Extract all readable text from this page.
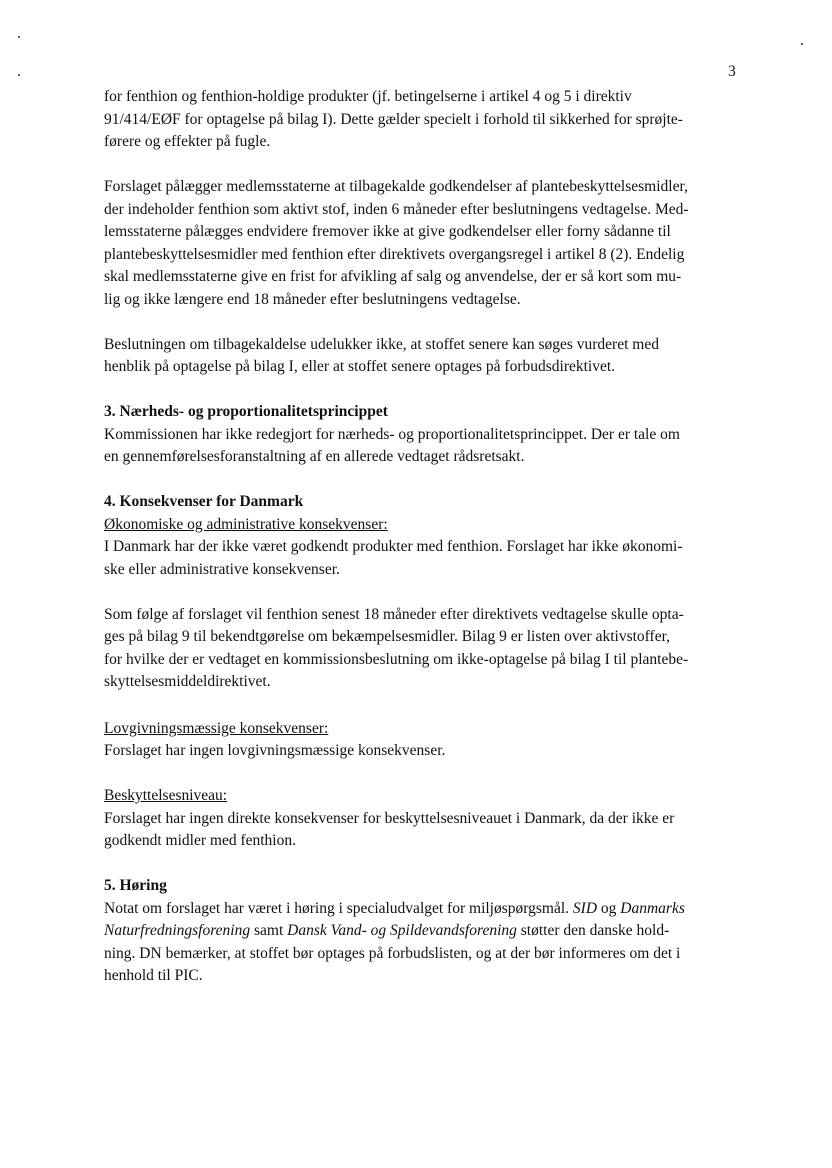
3

for fenthion og fenthion-holdige produkter (jf. betingelserne i artikel 4 og 5 i direktiv
91/414/EØF for optagelse på bilag I). Dette gælder specielt i forhold til sikkerhed for sprøjte-
førere og effekter på fugle.

Forslaget pålægger medlemsstaterne at tilbagekalde godkendelser af plantebeskyttelsesmidler,
der indeholder fenthion som aktivt stof, inden 6 måneder efter beslutningens vedtagelse. Med-
lemsstaterne pålægges endvidere fremover ikke at give godkendelser eller forny sådanne til
plantebeskyttelsesmidler med fenthion efter direktivets overgangsregel i artikel 8 (2). Endelig
skal medlemsstaterne give en frist for afvikling af salg og anvendelse, der er så kort som mu-
lig og ikke længere end 18 måneder efter beslutningens vedtagelse.

Beslutningen om tilbagekaldelse udelukker ikke, at stoffet senere kan søges vurderet med
henblik på optagelse på bilag I, eller at stoffet senere optages på forbudsdirektivet.

3. Nærheds- og proportionalitetsprincippet
Kommissionen har ikke redegjort for nærheds- og proportionalitetsprincippet. Der er tale om
en gennemførelsesforanstaltning af en allerede vedtaget rådsretsakt.

4. Konsekvenser for Danmark
Økonomiske og administrative konsekvenser:
I Danmark har der ikke været godkendt produkter med fenthion. Forslaget har ikke økonomi-
ske eller administrative konsekvenser.

Som følge af forslaget vil fenthion senest 18 måneder efter direktivets vedtagelse skulle opta-
ges på bilag 9 til bekendtgørelse om bekæmpelsesmidler. Bilag 9 er listen over aktivstoffer,
for hvilke der er vedtaget en kommissionsbeslutning om ikke-optagelse på bilag I til plantebe-
skyttelsesmiddeldirektivet.

Lovgivningsmæssige konsekvenser:
Forslaget har ingen lovgivningsmæssige konsekvenser.

Beskyttelsesniveau:
Forslaget har ingen direkte konsekvenser for beskyttelsesniveauet i Danmark, da der ikke er
godkendt midler med fenthion.

5. Høring
Notat om forslaget har været i høring i specialudvalget for miljøspørgsmål. SID og Danmarks
Naturfredningsforening samt Dansk Vand- og Spildevandsforening støtter den danske hold-
ning. DN bemærker, at stoffet bør optages på forbudslisten, og at der bør informeres om det i
henhold til PIC.
